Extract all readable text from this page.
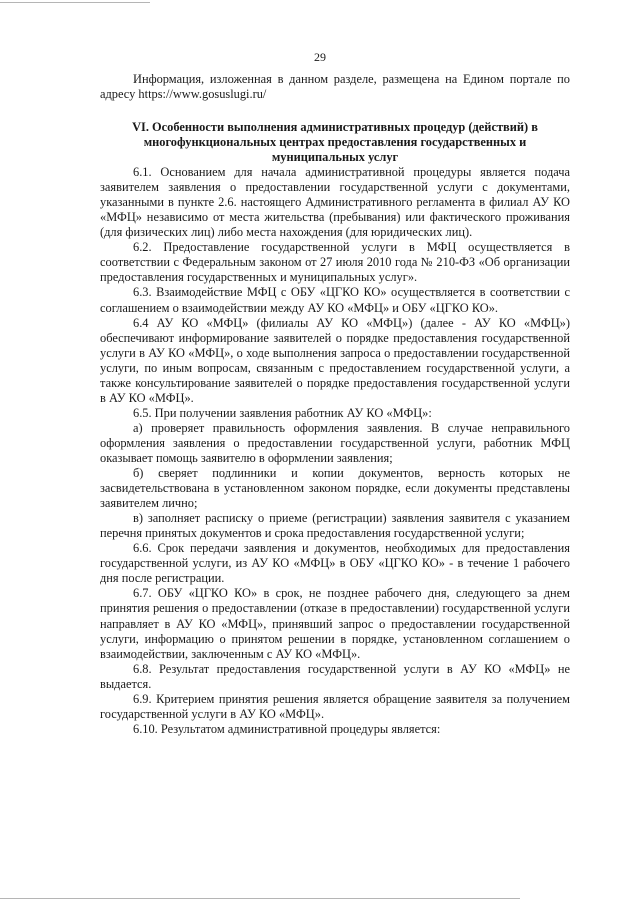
29

Информация, изложенная в данном разделе, размещена на Едином портале по адресу https://www.gosuslugi.ru/

VI. Особенности выполнения административных процедур (действий) в многофункциональных центрах предоставления государственных и муниципальных услуг

6.1. Основанием для начала административной процедуры является подача заявителем заявления о предоставлении государственной услуги с документами, указанными в пункте 2.6. настоящего Административного регламента в филиал АУ КО «МФЦ» независимо от места жительства (пребывания) или фактического проживания (для физических лиц) либо места нахождения (для юридических лиц).

6.2. Предоставление государственной услуги в МФЦ осуществляется в соответствии с Федеральным законом от 27 июля 2010 года № 210-ФЗ «Об организации предоставления государственных и муниципальных услуг».

6.3. Взаимодействие МФЦ с ОБУ «ЦГКО КО» осуществляется в соответствии с соглашением о взаимодействии между АУ КО «МФЦ» и ОБУ «ЦГКО КО».

6.4 АУ КО «МФЦ» (филиалы АУ КО «МФЦ») (далее - АУ КО «МФЦ») обеспечивают информирование заявителей о порядке предоставления государственной услуги в АУ КО «МФЦ», о ходе выполнения запроса о предоставлении государственной услуги, по иным вопросам, связанным с предоставлением государственной услуги, а также консультирование заявителей о порядке предоставления государственной услуги в АУ КО «МФЦ».

6.5. При получении заявления работник АУ КО «МФЦ»:

а) проверяет правильность оформления заявления. В случае неправильного оформления заявления о предоставлении государственной услуги, работник МФЦ оказывает помощь заявителю в оформлении заявления;

б) сверяет подлинники и копии документов, верность которых не засвидетельствована в установленном законом порядке, если документы представлены заявителем лично;

в) заполняет расписку о приеме (регистрации) заявления заявителя с указанием перечня принятых документов и срока предоставления государственной услуги;

6.6. Срок передачи заявления и документов, необходимых для предоставления государственной услуги, из АУ КО «МФЦ» в ОБУ «ЦГКО КО» - в течение 1 рабочего дня после регистрации.

6.7. ОБУ «ЦГКО КО» в срок, не позднее рабочего дня, следующего за днем принятия решения о предоставлении (отказе в предоставлении) государственной услуги направляет в АУ КО «МФЦ», принявший запрос о предоставлении государственной услуги, информацию о принятом решении в порядке, установленном соглашением о взаимодействии, заключенным с АУ КО «МФЦ».

6.8. Результат предоставления государственной услуги в АУ КО «МФЦ» не выдается.

6.9. Критерием принятия решения является обращение заявителя за получением государственной услуги в АУ КО «МФЦ».

6.10. Результатом административной процедуры является:
